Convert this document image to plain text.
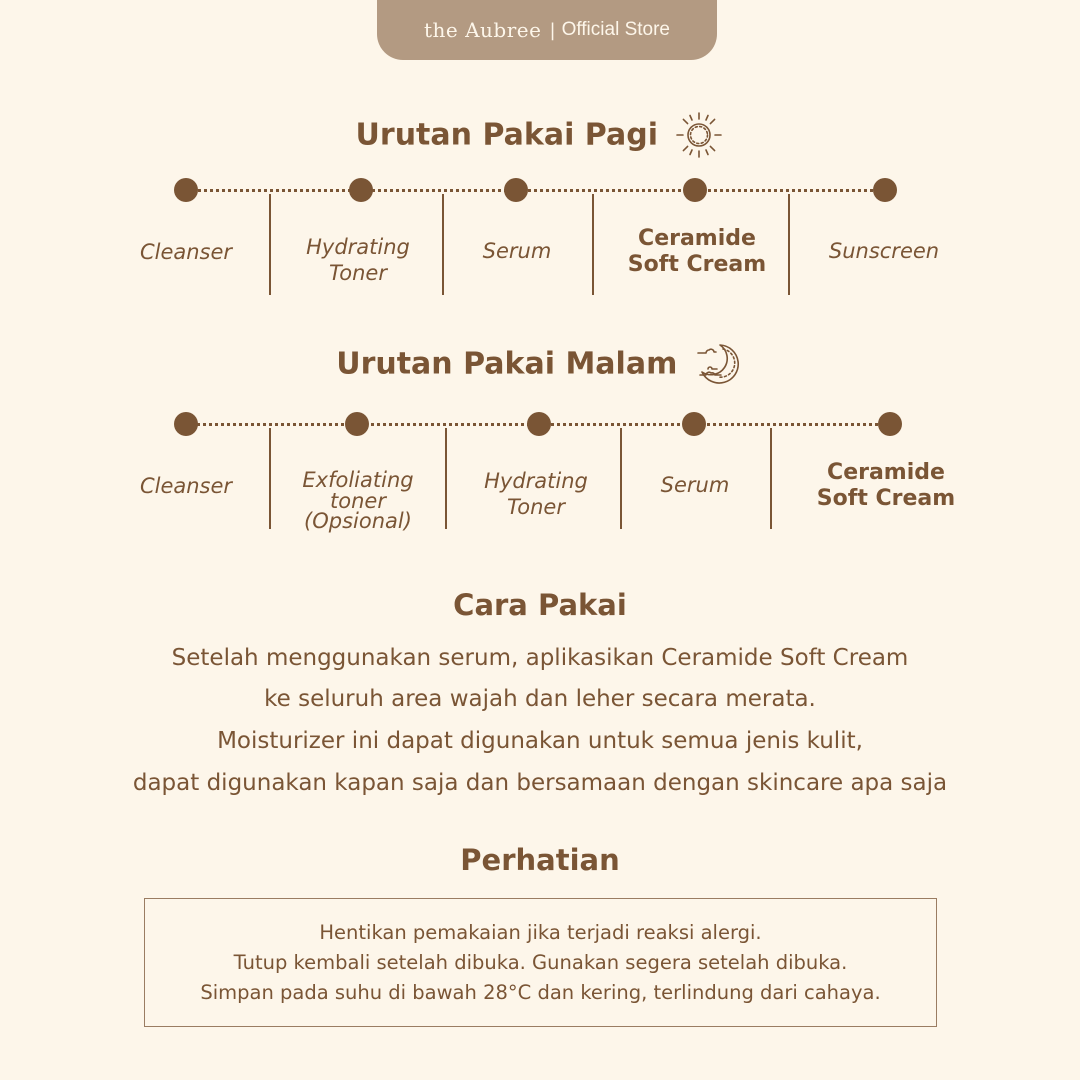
the Aubree | Official Store
Urutan Pakai Pagi
Cleanser	Hydrating
Toner
Serum	Ceramide
Soft Cream
Sunscreen
Urutan Pakai Malam
Cleanser	Exfoliating
toner
(Opsional)
Hydrating
Toner
Serum	Ceramide
Soft Cream
Cara Pakai
Setelah menggunakan serum, aplikasikan Ceramide Soft Cream
ke seluruh area wajah dan leher secara merata.
Moisturizer ini dapat digunakan untuk semua jenis kulit,
dapat digunakan kapan saja dan bersamaan dengan skincare apa saja
Perhatian
Hentikan pemakaian jika terjadi reaksi alergi.
Tutup kembali setelah dibuka. Gunakan segera setelah dibuka.
Simpan pada suhu di bawah 28°C dan kering, terlindung dari cahaya.
